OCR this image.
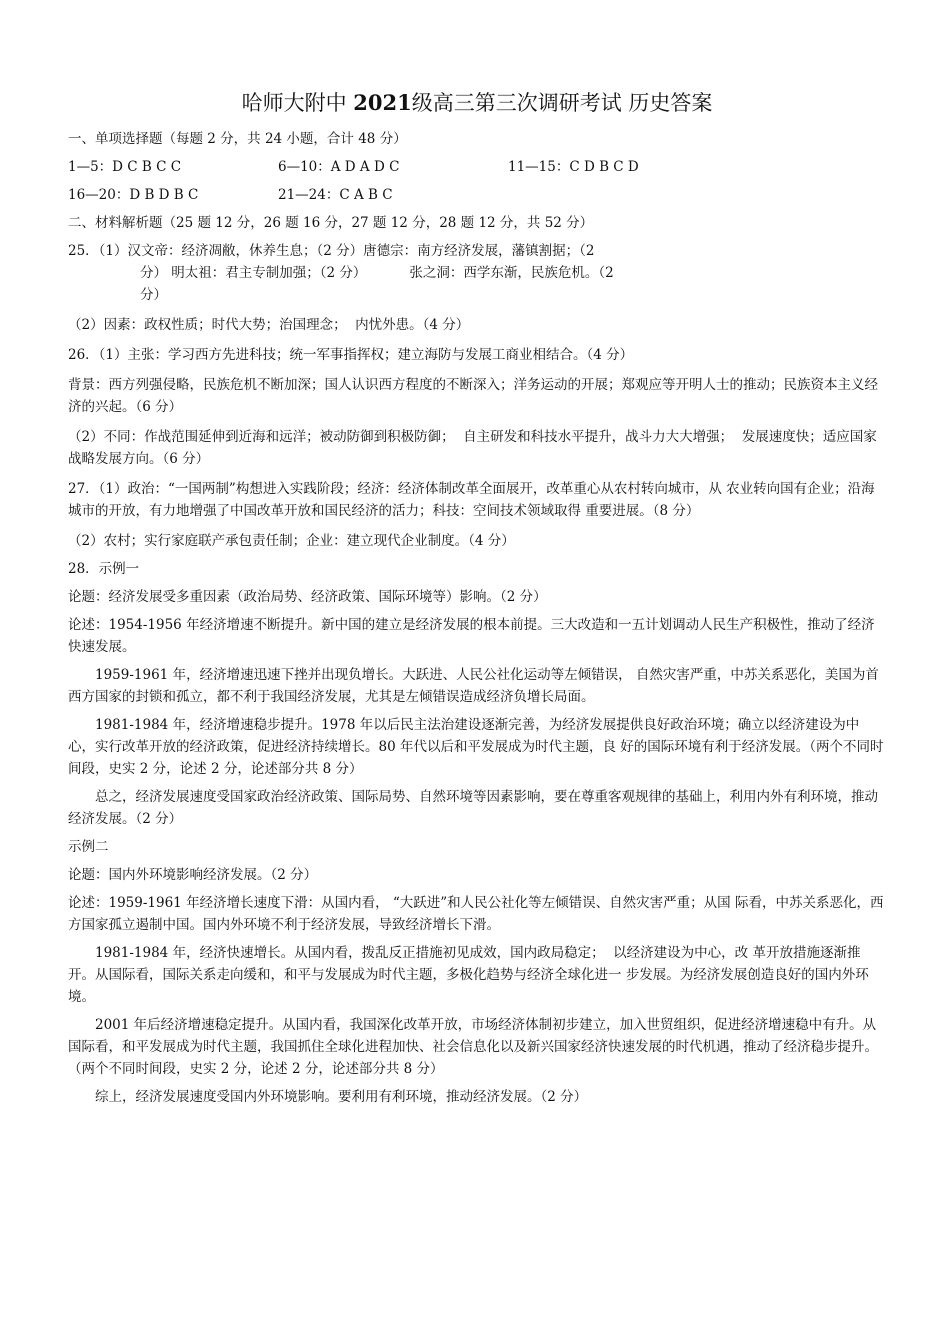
哈师大附中 2021级高三第三次调研考试 历史答案

一、单项选择题（每题 2 分，共 24 小题，合计 48 分）

1—5：D C B C C	6—10：A D A D C	11—15：C D B C D
16—20：D B D B C	21—24：C A B C

二、材料解析题（25 题 12 分，26 题 16 分，27 题 12 分，28 题 12 分，共 52 分）

25．（1）汉文帝：经济凋敝，休养生息；（2 分）唐德宗：南方经济发展，藩镇割据；（2

分） 明太祖：君主专制加强；（2 分）          张之洞：西学东渐，民族危机。（2

分）

（2）因素：政权性质；时代大势；治国理念；  内忧外患。（4 分）

26．（1）主张：学习西方先进科技；统一军事指挥权；建立海防与发展工商业相结合。（4 分）

背景：西方列强侵略，民族危机不断加深；国人认识西方程度的不断深入；洋务运动的开展；郑观应等开明人士的推动；民族资本主义经济的兴起。（6 分）

（2）不同：作战范围延伸到近海和远洋；被动防御到积极防御；  自主研发和科技水平提升，战斗力大大增强；  发展速度快；适应国家战略发展方向。（6 分）

27．（1）政治：“一国两制”构想进入实践阶段；经济：经济体制改革全面展开，改革重心从农村转向城市，从 农业转向国有企业；沿海城市的开放，有力地增强了中国改革开放和国民经济的活力；科技：空间技术领域取得 重要进展。（8 分）

（2）农村；实行家庭联产承包责任制；企业：建立现代企业制度。（4 分）

28．示例一

论题：经济发展受多重因素（政治局势、经济政策、国际环境等）影响。（2 分）

论述：1954-1956 年经济增速不断提升。新中国的建立是经济发展的根本前提。三大改造和一五计划调动人民生产积极性，推动了经济快速发展。

1959-1961 年，经济增速迅速下挫并出现负增长。大跃进、人民公社化运动等左倾错误， 自然灾害严重，中苏关系恶化，美国为首西方国家的封锁和孤立，都不利于我国经济发展，尤其是左倾错误造成经济负增长局面。

1981-1984 年，经济增速稳步提升。1978 年以后民主法治建设逐渐完善，为经济发展提供良好政治环境；确立以经济建设为中心，实行改革开放的经济政策，促进经济持续增长。80 年代以后和平发展成为时代主题，良 好的国际环境有利于经济发展。（两个不同时间段，史实 2 分，论述 2 分，论述部分共 8 分）

总之，经济发展速度受国家政治经济政策、国际局势、自然环境等因素影响，要在尊重客观规律的基础上，利用内外有利环境，推动经济发展。（2 分）

示例二

论题：国内外环境影响经济发展。（2 分）

论述：1959-1961 年经济增长速度下滑：从国内看， “大跃进”和人民公社化等左倾错误、自然灾害严重；从国 际看，中苏关系恶化，西方国家孤立遏制中国。国内外环境不利于经济发展，导致经济增长下滑。

1981-1984 年，经济快速增长。从国内看，拨乱反正措施初见成效，国内政局稳定；  以经济建设为中心，改 革开放措施逐渐推开。从国际看，国际关系走向缓和，和平与发展成为时代主题，多极化趋势与经济全球化进一 步发展。为经济发展创造良好的国内外环境。

2001 年后经济增速稳定提升。从国内看，我国深化改革开放，市场经济体制初步建立，加入世贸组织，促进经济增速稳中有升。从国际看，和平发展成为时代主题，我国抓住全球化进程加快、社会信息化以及新兴国家经济快速发展的时代机遇，推动了经济稳步提升。（两个不同时间段，史实 2 分，论述 2 分，论述部分共 8 分）

综上，经济发展速度受国内外环境影响。要利用有利环境，推动经济发展。（2 分）
